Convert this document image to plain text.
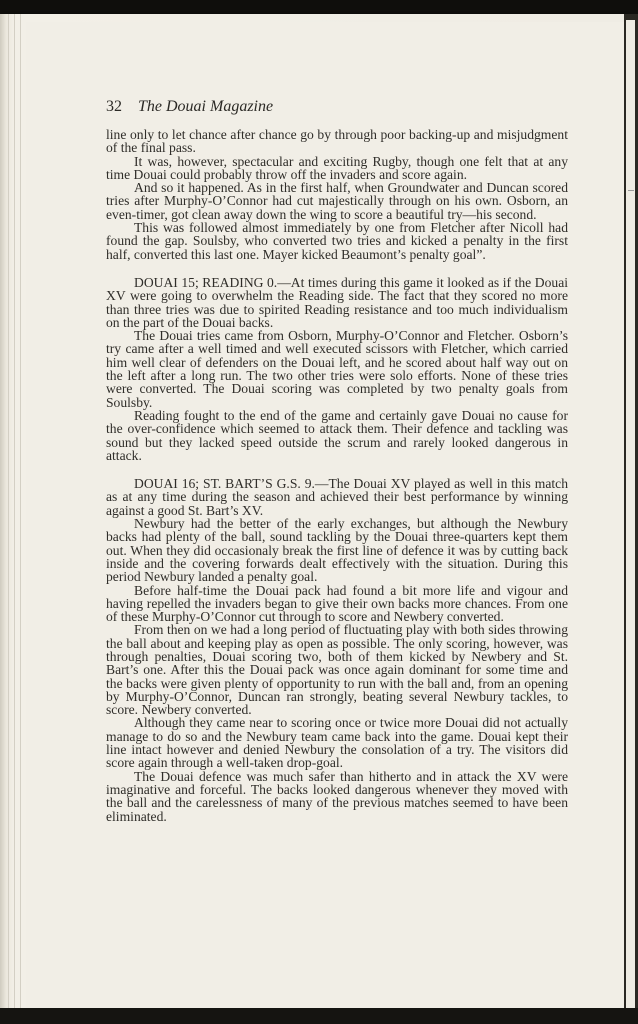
32 The Douai Magazine

line only to let chance after chance go by through poor backing-up and misjudgment of the final pass.

It was, however, spectacular and exciting Rugby, though one felt that at any time Douai could probably throw off the invaders and score again.

And so it happened. As in the first half, when Groundwater and Duncan scored tries after Murphy-O’Connor had cut majestically through on his own. Osborn, an even-timer, got clean away down the wing to score a beautiful try—his second.

This was followed almost immediately by one from Fletcher after Nicoll had found the gap. Soulsby, who converted two tries and kicked a penalty in the first half, converted this last one. Mayer kicked Beaumont’s penalty goal”.

DOUAI 15; READING 0.—At times during this game it looked as if the Douai XV were going to overwhelm the Reading side. The fact that they scored no more than three tries was due to spirited Reading resistance and too much individualism on the part of the Douai backs.

The Douai tries came from Osborn, Murphy-O’Connor and Fletcher. Osborn’s try came after a well timed and well executed scissors with Fletcher, which carried him well clear of defenders on the Douai left, and he scored about half way out on the left after a long run. The two other tries were solo efforts. None of these tries were converted. The Douai scoring was completed by two penalty goals from Soulsby.

Reading fought to the end of the game and certainly gave Douai no cause for the over-confidence which seemed to attack them. Their defence and tackling was sound but they lacked speed outside the scrum and rarely looked dangerous in attack.

DOUAI 16; ST. BART’S G.S. 9.—The Douai XV played as well in this match as at any time during the season and achieved their best performance by winning against a good St. Bart’s XV.

Newbury had the better of the early exchanges, but although the Newbury backs had plenty of the ball, sound tackling by the Douai three-quarters kept them out. When they did occasionaly break the first line of defence it was by cutting back inside and the covering forwards dealt effectively with the situation. During this period Newbury landed a penalty goal.

Before half-time the Douai pack had found a bit more life and vigour and having repelled the invaders began to give their own backs more chances. From one of these Murphy-O’Connor cut through to score and Newbery converted.

From then on we had a long period of fluctuating play with both sides throwing the ball about and keeping play as open as possible. The only scoring, however, was through penalties, Douai scoring two, both of them kicked by Newbery and St. Bart’s one. After this the Douai pack was once again dominant for some time and the backs were given plenty of opportunity to run with the ball and, from an opening by Murphy-O’Connor, Duncan ran strongly, beating several Newbury tackles, to score. Newbery converted.

Although they came near to scoring once or twice more Douai did not actually manage to do so and the Newbury team came back into the game. Douai kept their line intact however and denied Newbury the consolation of a try. The visitors did score again through a well-taken drop-goal.

The Douai defence was much safer than hitherto and in attack the XV were imaginative and forceful. The backs looked dangerous whenever they moved with the ball and the carelessness of many of the previous matches seemed to have been eliminated.
